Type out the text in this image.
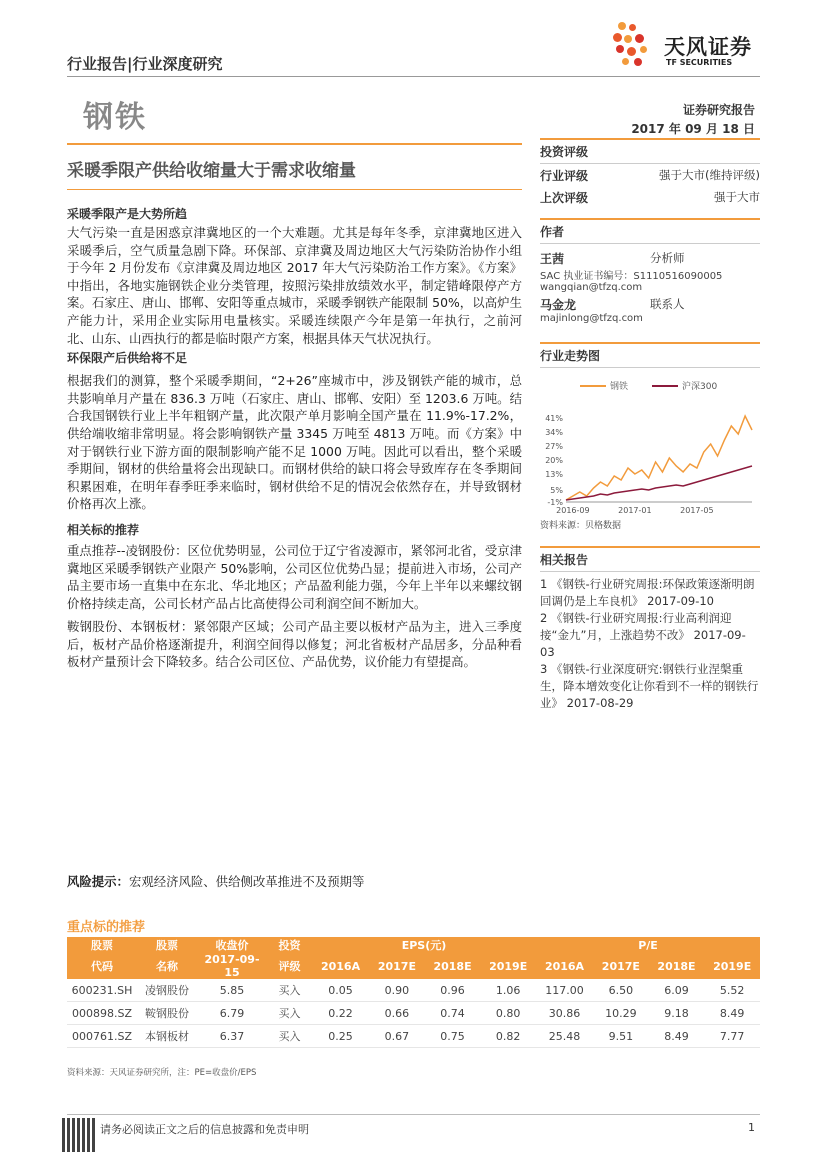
行业报告|行业深度研究
天风证券
TF SECURITIES
钢铁	证券研究报告
2017 年 09 月 18 日
采暖季限产供给收缩量大于需求收缩量
采暖季限产是大势所趋
大气污染一直是困惑京津冀地区的一个大难题。尤其是每年冬季，京津冀地区进入采暖季后，空气质量急剧下降。环保部、京津冀及周边地区大气污染防治协作小组于今年 2 月份发布《京津冀及周边地区 2017 年大气污染防治工作方案》。《方案》中指出，各地实施钢铁企业分类管理，按照污染排放绩效水平，制定错峰限停产方案。石家庄、唐山、邯郸、安阳等重点城市，采暖季钢铁产能限制 50%，以高炉生产能力计，采用企业实际用电量核实。采暖连续限产今年是第一年执行，之前河北、山东、山西执行的都是临时限产方案，根据具体天气状况执行。
环保限产后供给将不足
根据我们的测算，整个采暖季期间，“2+26”座城市中，涉及钢铁产能的城市，总共影响单月产量在 836.3 万吨（石家庄、唐山、邯郸、安阳）至 1203.6 万吨。结合我国钢铁行业上半年粗钢产量，此次限产单月影响全国产量在 11.9%-17.2%，供给端收缩非常明显。将会影响钢铁产量 3345 万吨至 4813 万吨。而《方案》中对于钢铁行业下游方面的限制影响产能不足 1000 万吨。因此可以看出，整个采暖季期间，钢材的供给量将会出现缺口。而钢材供给的缺口将会导致库存在冬季期间积累困难，在明年春季旺季来临时，钢材供给不足的情况会依然存在，并导致钢材价格再次上涨。
相关标的推荐
重点推荐--凌钢股份：区位优势明显，公司位于辽宁省凌源市，紧邻河北省，受京津冀地区采暖季钢铁产业限产 50%影响，公司区位优势凸显；提前进入市场，公司产品主要市场一直集中在东北、华北地区；产品盈利能力强，今年上半年以来螺纹钢价格持续走高，公司长材产品占比高使得公司利润空间不断加大。
鞍钢股份、本钢板材：紧邻限产区域；公司产品主要以板材产品为主，进入三季度后，板材产品价格逐渐提升，利润空间得以修复；河北省板材产品居多，分品种看板材产量预计会下降较多。结合公司区位、产品优势，议价能力有望提高。
风险提示：宏观经济风险、供给侧改革推进不及预期等
投资评级
行业评级	强于大市(维持评级)
上次评级	强于大市
作者
王茜	分析师
SAC 执业证书编号：S1110516090005
wangqian@tfzq.com
马金龙	联系人
majinlong@tfzq.com
行业走势图
钢铁	沪深300
-1%
5%
13%
20%
27%
34%
41%
2016-09	2017-01	2017-05
资料来源：贝格数据
相关报告
1 《钢铁-行业研究周报:环保政策逐渐明朗 回调仍是上车良机》 2017-09-10
2 《钢铁-行业研究周报:行业高利润迎接“金九”月，上涨趋势不改》 2017-09-03
3 《钢铁-行业深度研究:钢铁行业涅槃重生，降本增效变化让你看到不一样的钢铁行业》 2017-08-29
重点标的推荐
股票	股票	收盘价	投资	EPS(元)				P/E			
代码	名称	2017-09-15	评级	2016A	2017E	2018E	2019E	2016A	2017E	2018E	2019E
600231.SH	凌钢股份	5.85	买入	0.05	0.90	0.96	1.06	117.00	6.50	6.09	5.52
000898.SZ	鞍钢股份	6.79	买入	0.22	0.66	0.74	0.80	30.86	10.29	9.18	8.49
000761.SZ	本钢板材	6.37	买入	0.25	0.67	0.75	0.82	25.48	9.51	8.49	7.77
资料来源：天风证券研究所，注：PE=收盘价/EPS
请务必阅读正文之后的信息披露和免责申明	1
